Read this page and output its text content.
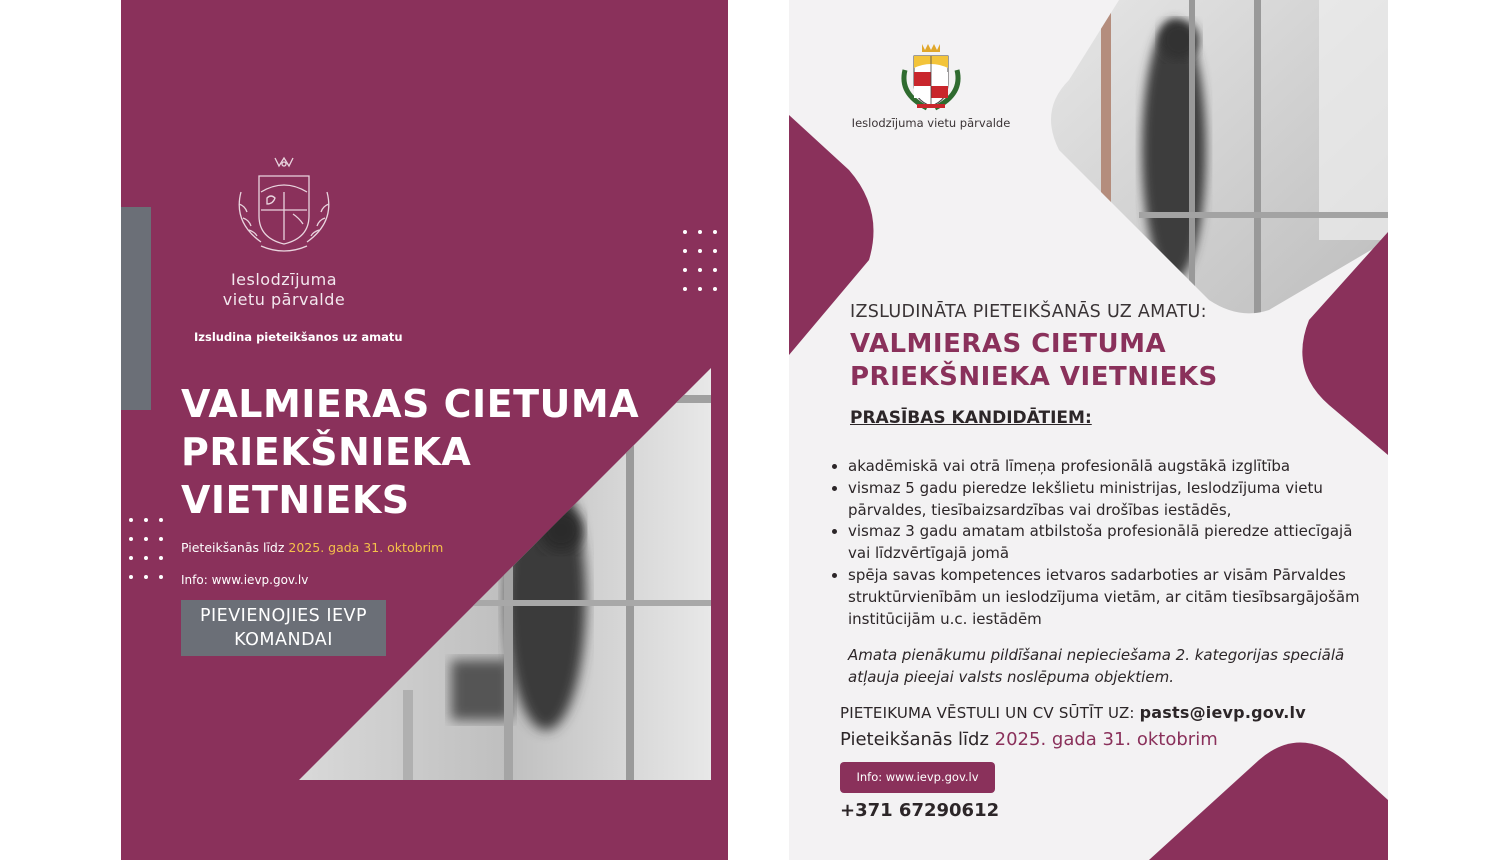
Ieslodzījuma
vietu pārvalde
Izsludina pieteikšanos uz amatu
VALMIERAS CIETUMA
PRIEKŠNIEKA
VIETNIEKS
Pieteikšanās līdz 2025. gada 31. oktobrim
Info: www.ievp.gov.lv
PIEVIENOJIES IEVP
KOMANDAI
Ieslodzījuma vietu pārvalde
IZSLUDINĀTA PIETEIKŠANĀS UZ AMATU:
VALMIERAS CIETUMA
PRIEKŠNIEKA VIETNIEKS
PRASĪBAS KANDIDĀTIEM:
• akadēmiskā vai otrā līmeņa profesionālā augstākā izglītība
• vismaz 5 gadu pieredze Iekšlietu ministrijas, Ieslodzījuma vietu pārvaldes, tiesībaizsardzības vai drošības iestādēs,
• vismaz 3 gadu amatam atbilstoša profesionālā pieredze attiecīgajā vai līdzvērtīgajā jomā
• spēja savas kompetences ietvaros sadarboties ar visām Pārvaldes struktūrvienībām un ieslodzījuma vietām, ar citām tiesībsargājošām institūcijām u.c. iestādēm
Amata pienākumu pildīšanai nepieciešama 2. kategorijas speciālā atļauja pieejai valsts noslēpuma objektiem.
PIETEIKUMA VĒSTULI UN CV SŪTĪT UZ: pasts@ievp.gov.lv
Pieteikšanās līdz 2025. gada 31. oktobrim
Info: www.ievp.gov.lv
+371 67290612
